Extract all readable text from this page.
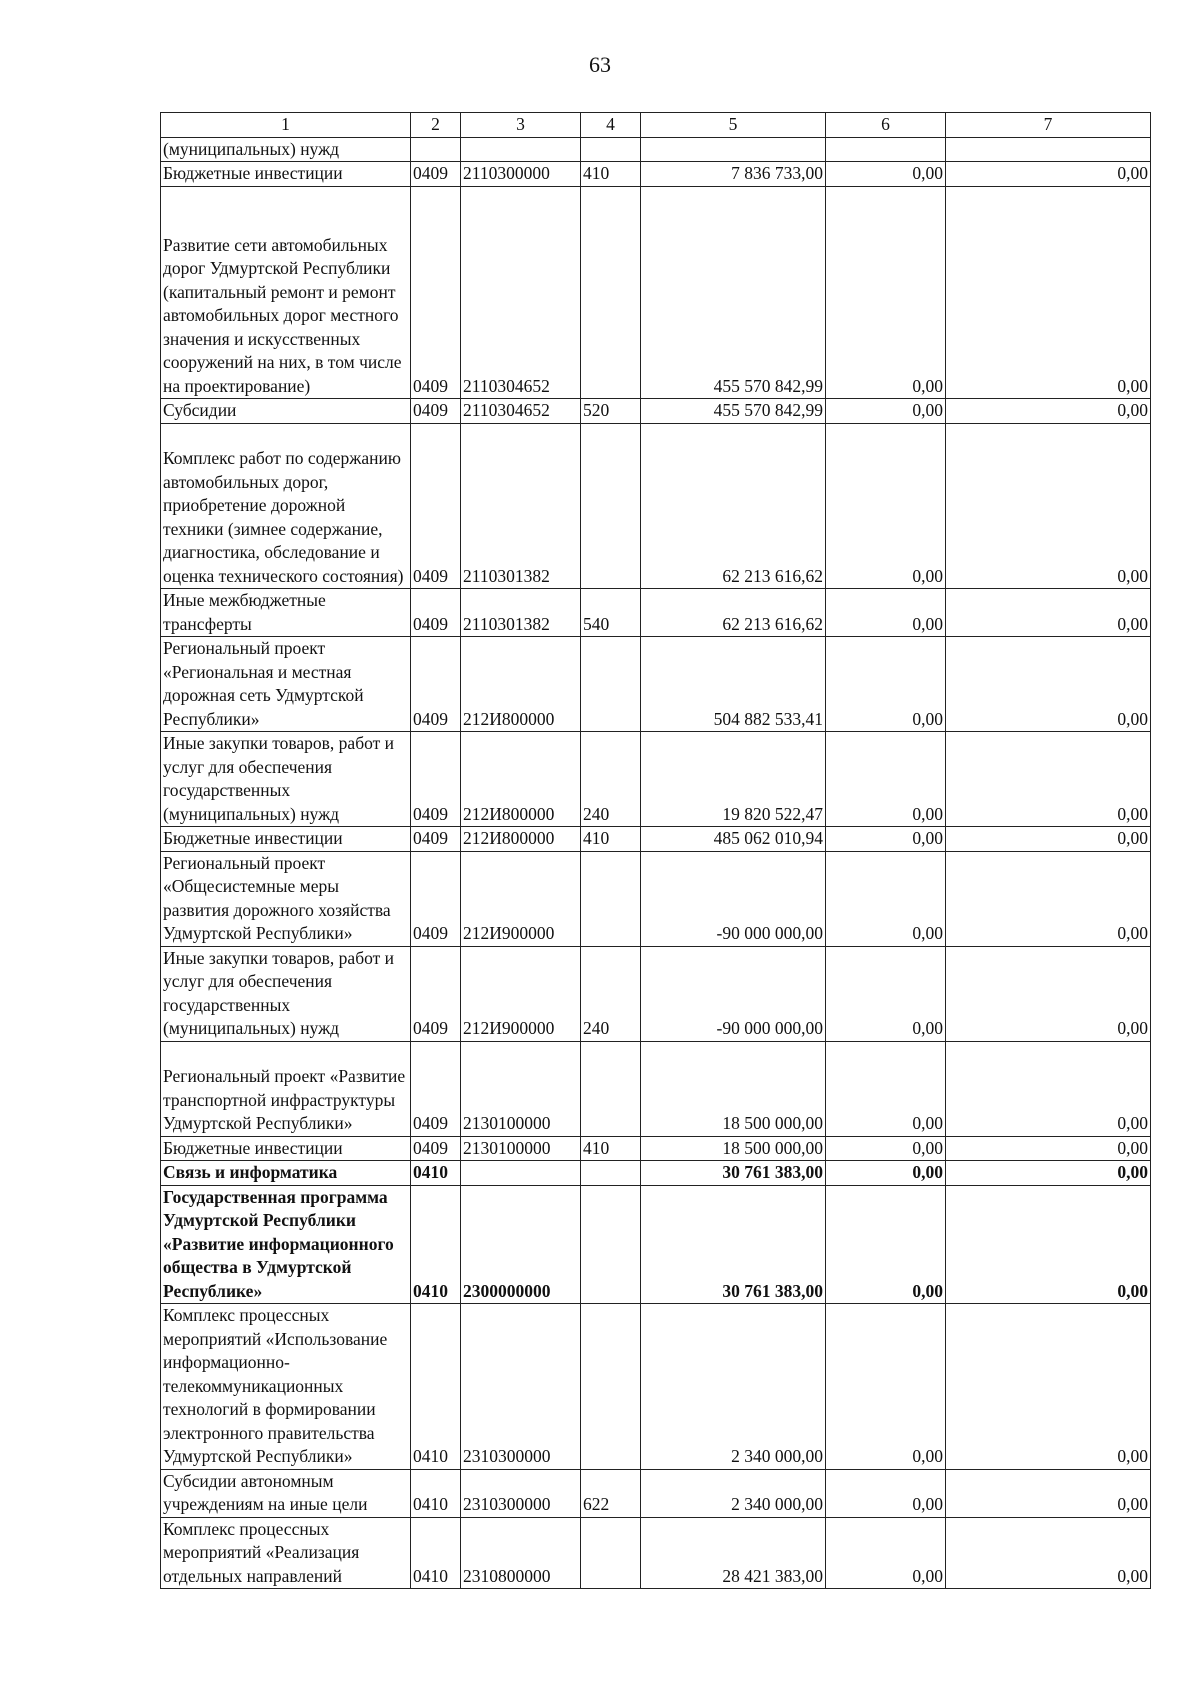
63
1	2	3	4	5	6	7
(муниципальных) нужд						
Бюджетные инвестиции	0409	2110300000	410	7 836 733,00	0,00	0,00
Развитие сети автомобильных дорог Удмуртской Республики (капитальный ремонт и ремонт автомобильных дорог местного значения и искусственных сооружений на них, в том числе на проектирование)	0409	2110304652		455 570 842,99	0,00	0,00
Субсидии	0409	2110304652	520	455 570 842,99	0,00	0,00
Комплекс работ по содержанию автомобильных дорог, приобретение дорожной техники (зимнее содержание, диагностика, обследование и оценка технического состояния)	0409	2110301382		62 213 616,62	0,00	0,00
Иные межбюджетные трансферты	0409	2110301382	540	62 213 616,62	0,00	0,00
Региональный проект «Региональная и местная дорожная сеть Удмуртской Республики»	0409	212И800000		504 882 533,41	0,00	0,00
Иные закупки товаров, работ и услуг для обеспечения государственных (муниципальных) нужд	0409	212И800000	240	19 820 522,47	0,00	0,00
Бюджетные инвестиции	0409	212И800000	410	485 062 010,94	0,00	0,00
Региональный проект «Общесистемные меры развития дорожного хозяйства Удмуртской Республики»	0409	212И900000		-90 000 000,00	0,00	0,00
Иные закупки товаров, работ и услуг для обеспечения государственных (муниципальных) нужд	0409	212И900000	240	-90 000 000,00	0,00	0,00
Региональный проект «Развитие транспортной инфраструктуры Удмуртской Республики»	0409	2130100000		18 500 000,00	0,00	0,00
Бюджетные инвестиции	0409	2130100000	410	18 500 000,00	0,00	0,00
Связь и информатика	0410			30 761 383,00	0,00	0,00
Государственная программа Удмуртской Республики «Развитие информационного общества в Удмуртской Республике»	0410	2300000000		30 761 383,00	0,00	0,00
Комплекс процессных мероприятий «Использование информационно-телекоммуникационных технологий в формировании электронного правительства Удмуртской Республики»	0410	2310300000		2 340 000,00	0,00	0,00
Субсидии автономным учреждениям на иные цели	0410	2310300000	622	2 340 000,00	0,00	0,00
Комплекс процессных мероприятий «Реализация отдельных направлений	0410	2310800000		28 421 383,00	0,00	0,00
